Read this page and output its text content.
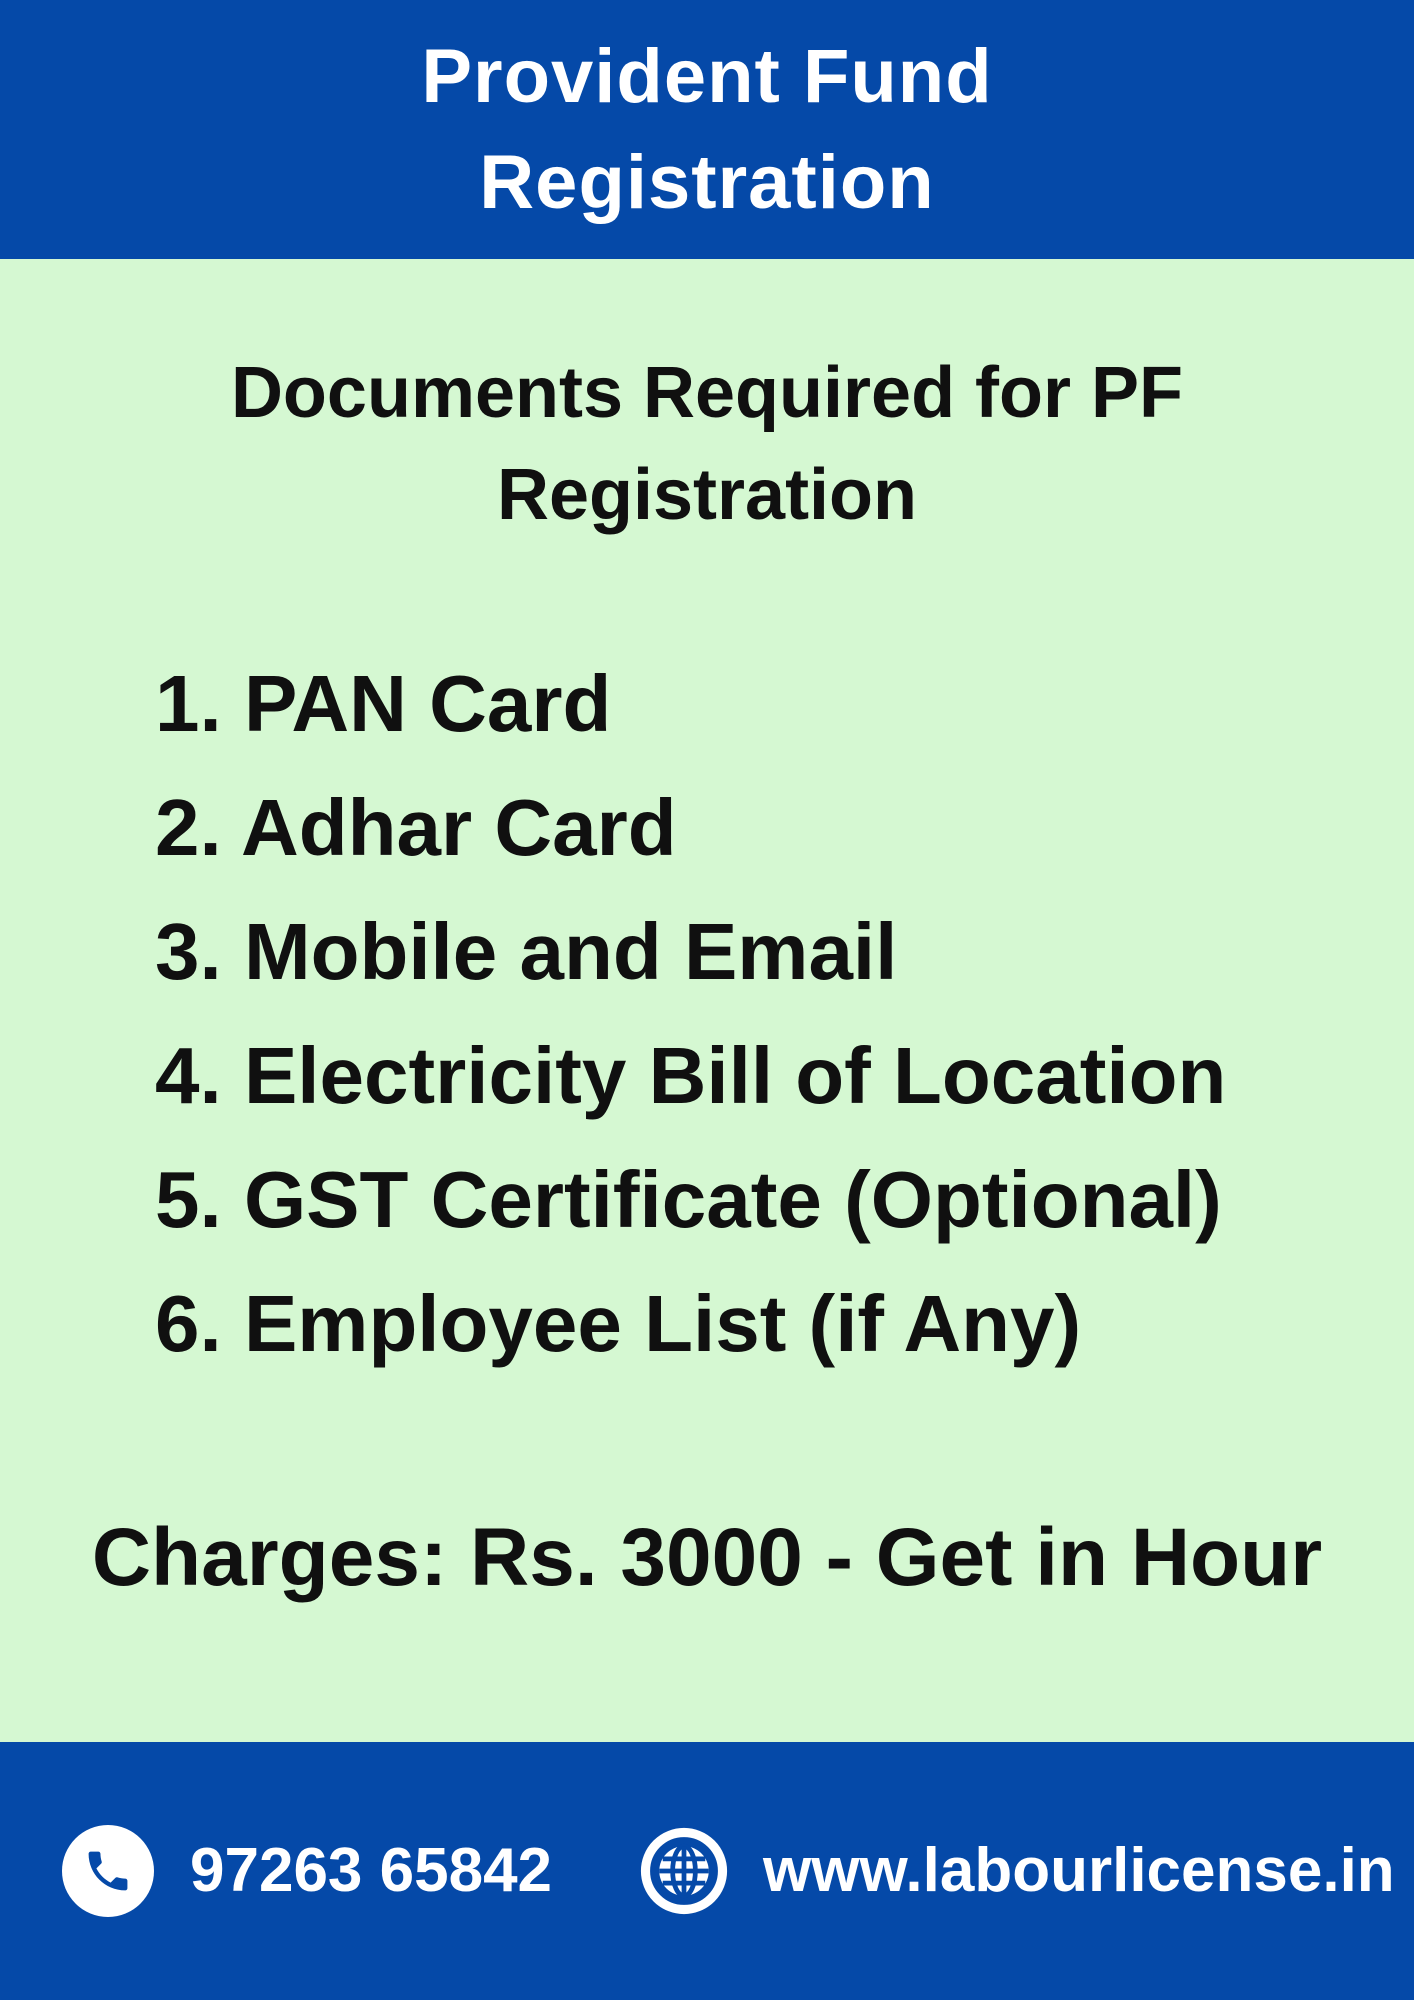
Provident Fund
Registration
Documents Required for PF
Registration
1. PAN Card
2. Adhar Card
3. Mobile and Email
4. Electricity Bill of Location
5. GST Certificate (Optional)
6. Employee List (if Any)
Charges: Rs. 3000 - Get in Hour
97263 65842	www.labourlicense.in
